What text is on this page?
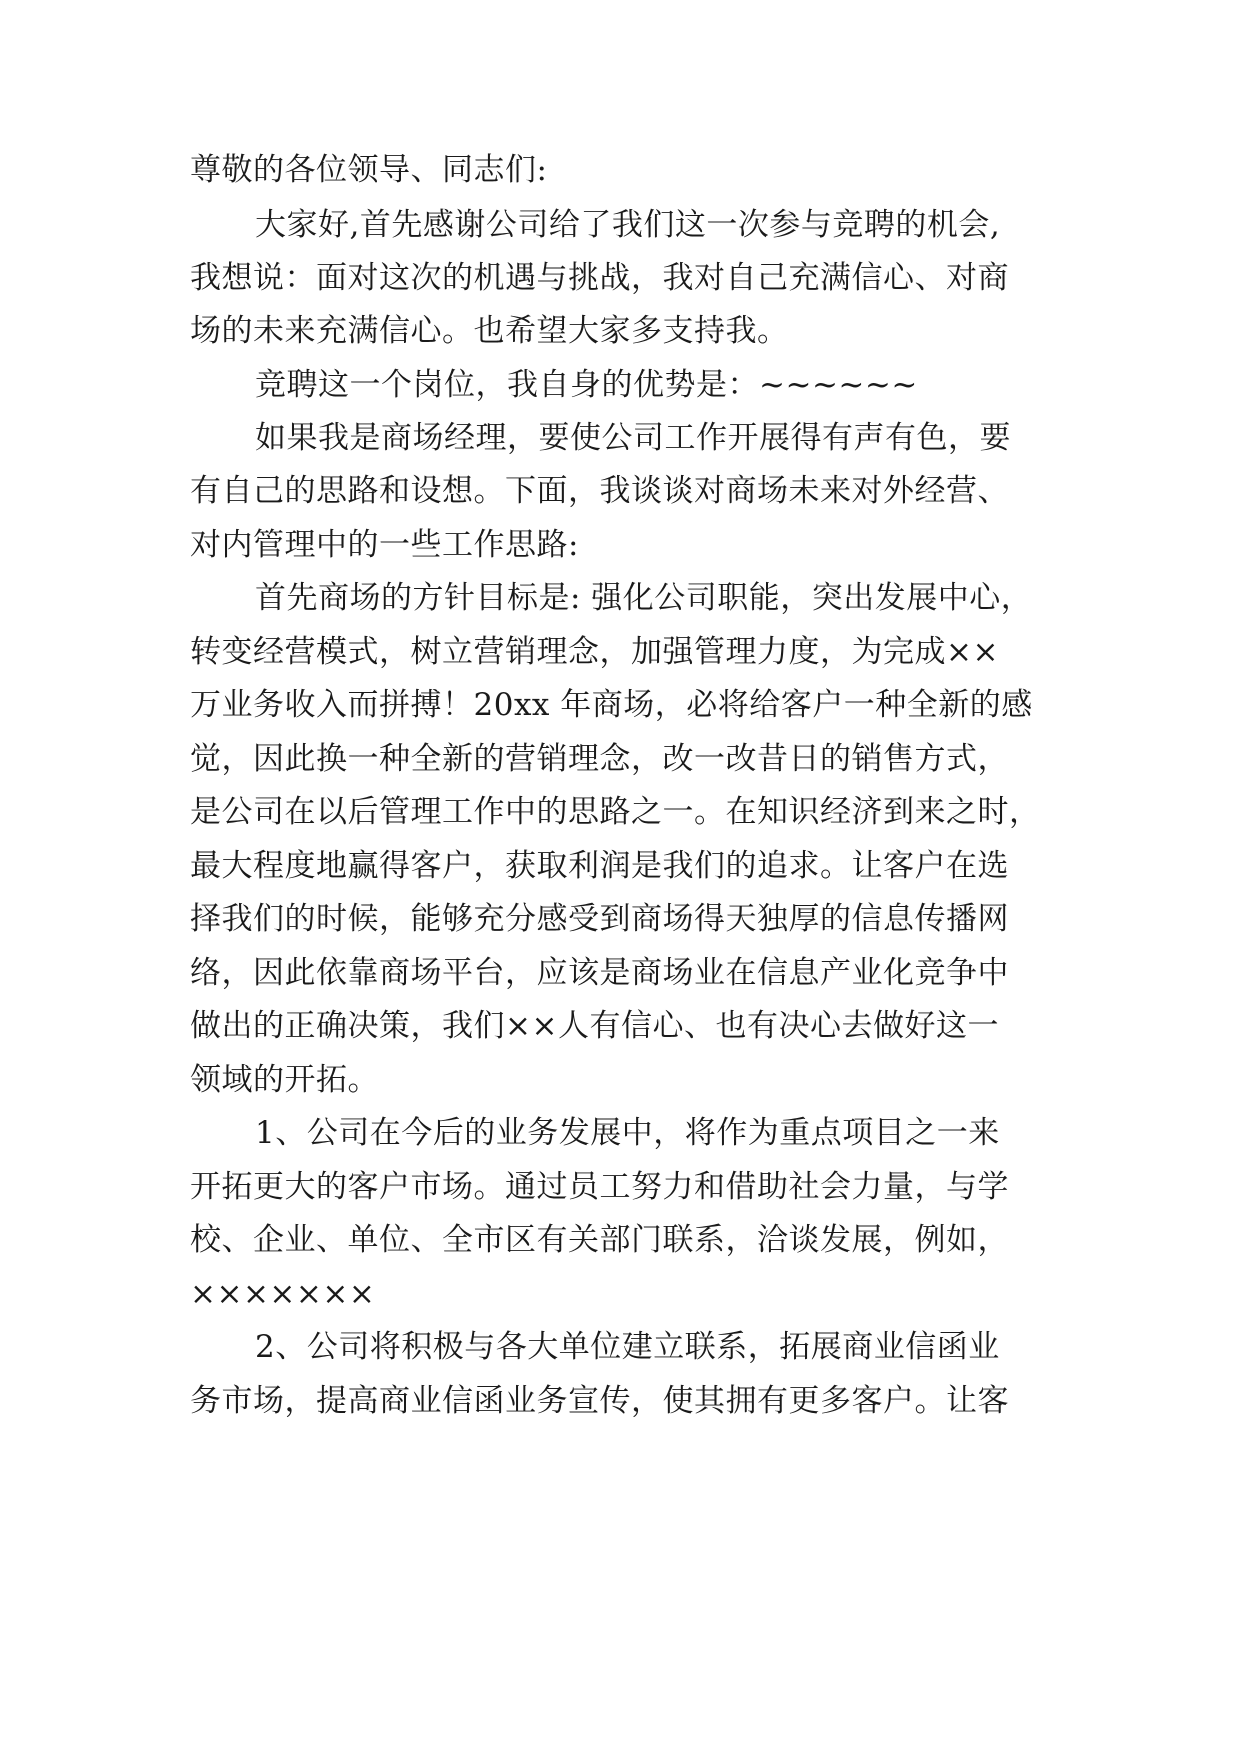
尊敬的各位领导、同志们:
大家好,首先感谢公司给了我们这一次参与竞聘的机会,
我想说：面对这次的机遇与挑战，我对自己充满信心、对商
场的未来充满信心。也希望大家多支持我。
竞聘这一个岗位，我自身的优势是：~~~~~~
如果我是商场经理，要使公司工作开展得有声有色，要
有自己的思路和设想。下面，我谈谈对商场未来对外经营、
对内管理中的一些工作思路:
首先商场的方针目标是: 强化公司职能，突出发展中心，
转变经营模式，树立营销理念，加强管理力度，为完成××
万业务收入而拼搏！20xx 年商场，必将给客户一种全新的感
觉，因此换一种全新的营销理念，改一改昔日的销售方式，
是公司在以后管理工作中的思路之一。在知识经济到来之时，
最大程度地赢得客户，获取利润是我们的追求。让客户在选
择我们的时候，能够充分感受到商场得天独厚的信息传播网
络，因此依靠商场平台，应该是商场业在信息产业化竞争中
做出的正确决策，我们××人有信心、也有决心去做好这一
领域的开拓。
1、公司在今后的业务发展中，将作为重点项目之一来
开拓更大的客户市场。通过员工努力和借助社会力量，与学
校、企业、单位、全市区有关部门联系，洽谈发展，例如，
×××××××
2、公司将积极与各大单位建立联系，拓展商业信函业
务市场，提高商业信函业务宣传，使其拥有更多客户。让客
